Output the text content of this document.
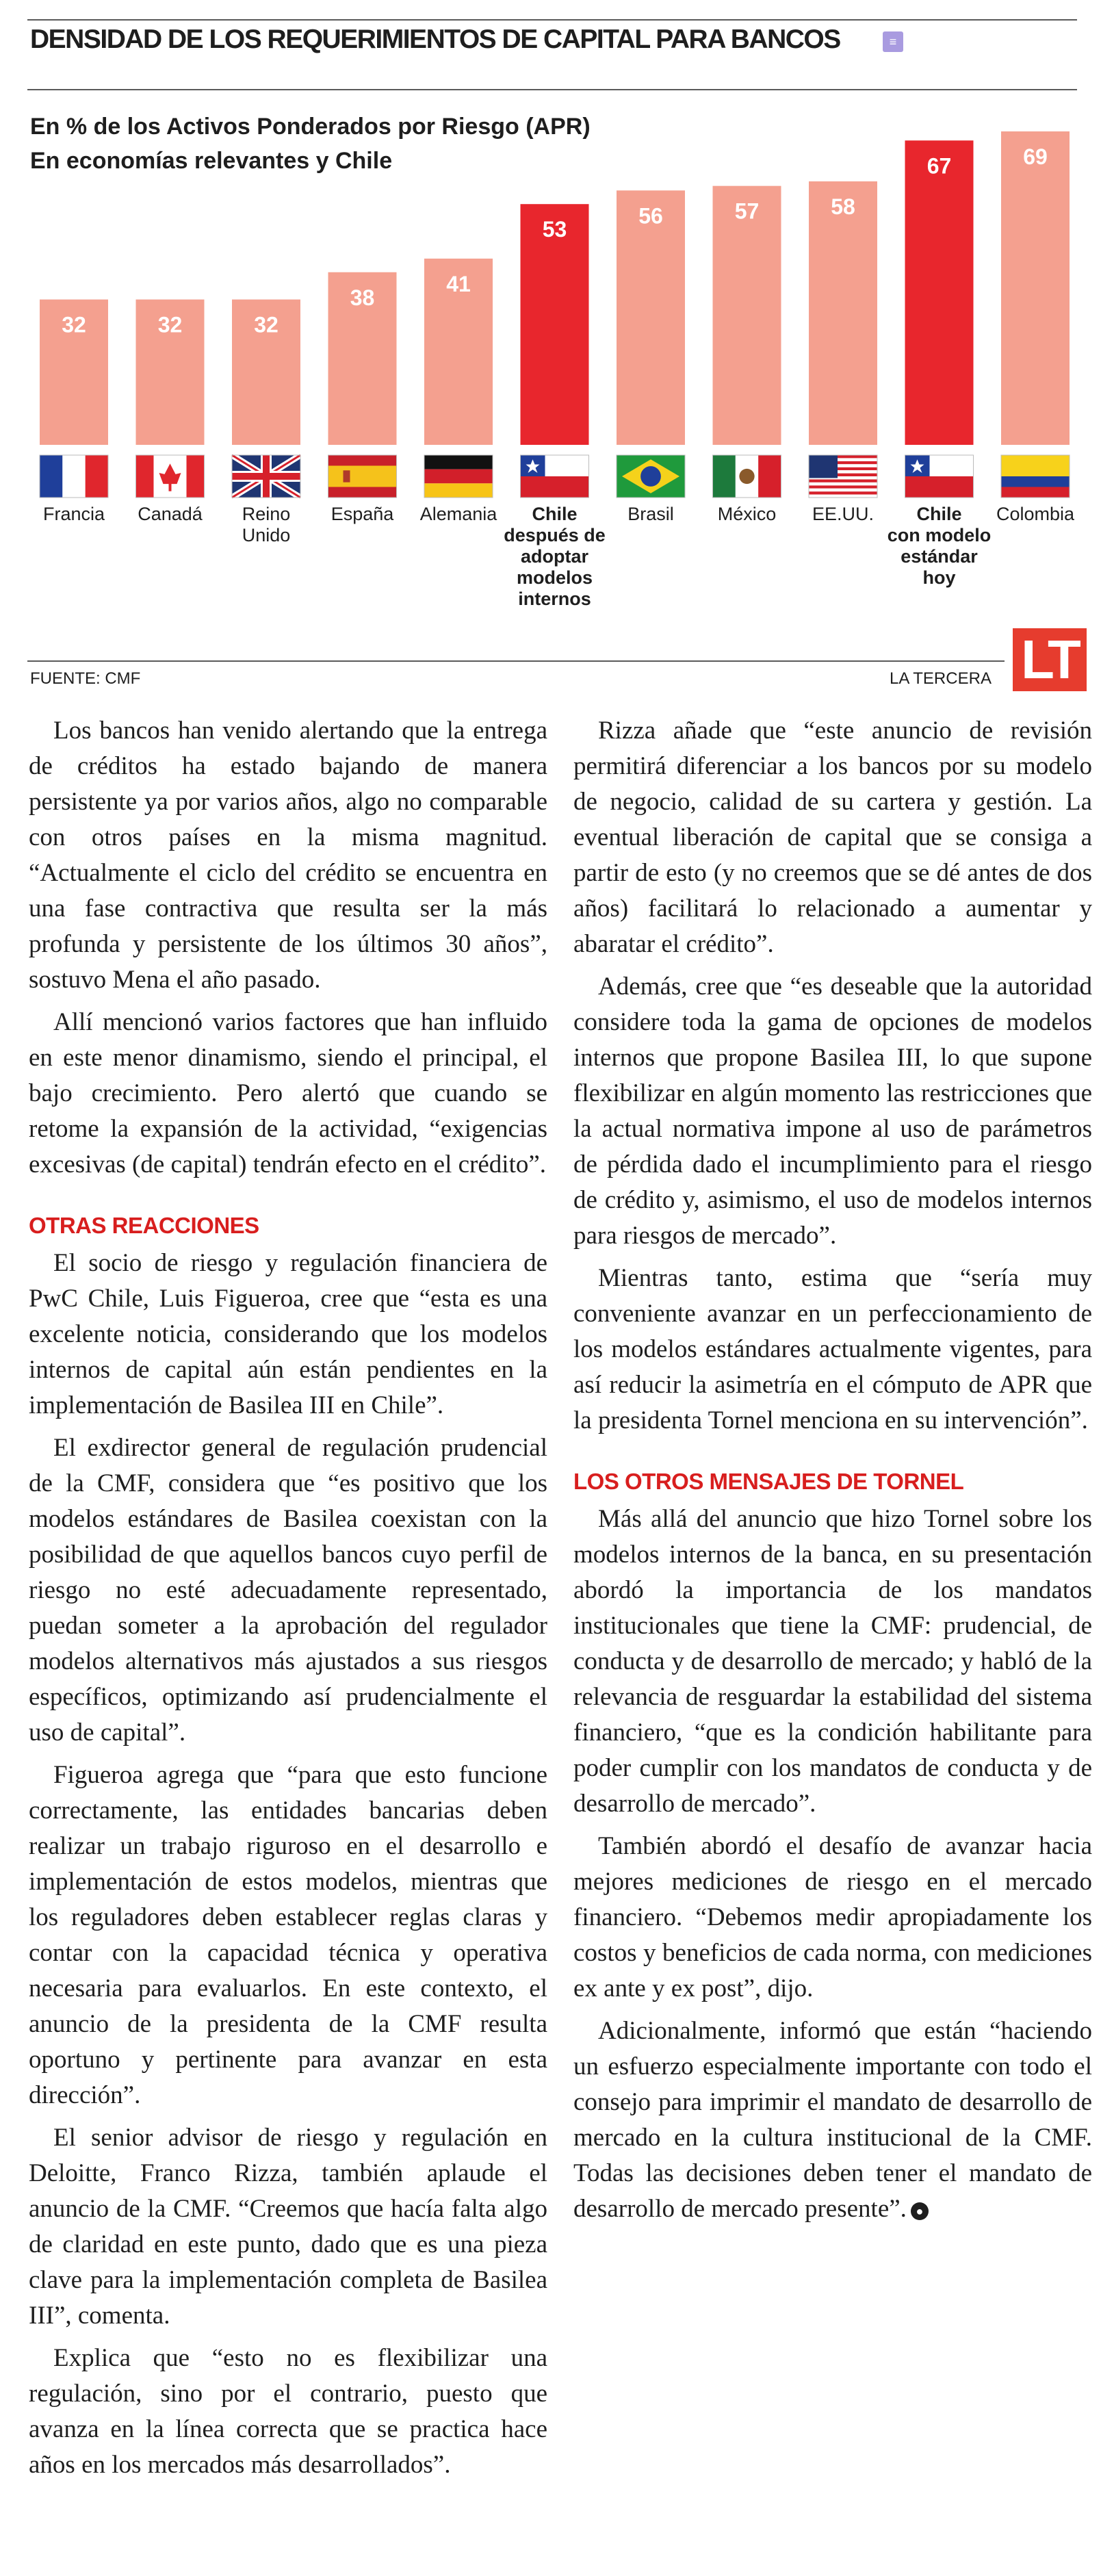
DENSIDAD DE LOS REQUERIMIENTOS DE CAPITAL PARA BANCOS	≡
En % de los Activos Ponderados por Riesgo (APR)
En economías relevantes y Chile
32
Francia
32
Canadá
32
Reino
Unido
38
España
41
Alemania
53
Chile
después de
adoptar
modelos
internos
56
Brasil
57
México
58
EE.UU.
67
Chile
con modelo
estándar
hoy
69
Colombia
FUENTE: CMF	LA TERCERA LT

Los bancos han venido alertando que la entrega de créditos ha estado bajando de manera persistente ya por varios años, algo no comparable con otros países en la misma magnitud. “Actualmente el ciclo del crédito se encuentra en una fase contractiva que resulta ser la más profunda y persistente de los últimos 30 años”, sostuvo Mena el año pasado.

Allí mencionó varios factores que han influido en este menor dinamismo, siendo el principal, el bajo crecimiento. Pero alertó que cuando se retome la expansión de la actividad, “exigencias excesivas (de capital) tendrán efecto en el crédito”.

OTRAS REACCIONES

El socio de riesgo y regulación financiera de PwC Chile, Luis Figueroa, cree que “esta es una excelente noticia, considerando que los modelos internos de capital aún están pendientes en la implementación de Basilea III en Chile”.

El exdirector general de regulación prudencial de la CMF, considera que “es positivo que los modelos estándares de Basilea coexistan con la posibilidad de que aquellos bancos cuyo perfil de riesgo no esté adecuadamente representado, puedan someter a la aprobación del regulador modelos alternativos más ajustados a sus riesgos específicos, optimizando así prudencialmente el uso de capital”.

Figueroa agrega que “para que esto funcione correctamente, las entidades bancarias deben realizar un trabajo riguroso en el desarrollo e implementación de estos modelos, mientras que los reguladores deben establecer reglas claras y contar con la capacidad técnica y operativa necesaria para evaluarlos. En este contexto, el anuncio de la presidenta de la CMF resulta oportuno y pertinente para avanzar en esta dirección”.

El senior advisor de riesgo y regulación en Deloitte, Franco Rizza, también aplaude el anuncio de la CMF. “Creemos que hacía falta algo de claridad en este punto, dado que es una pieza clave para la implementación completa de Basilea III”, comenta.

Explica que “esto no es flexibilizar una regulación, sino por el contrario, puesto que avanza en la línea correcta que se practica hace años en los mercados más desarrollados”.

Rizza añade que “este anuncio de revisión permitirá diferenciar a los bancos por su modelo de negocio, calidad de su cartera y gestión. La eventual liberación de capital que se consiga a partir de esto (y no creemos que se dé antes de dos años) facilitará lo relacionado a aumentar y abaratar el crédito”.

Además, cree que “es deseable que la autoridad considere toda la gama de opciones de modelos internos que propone Basilea III, lo que supone flexibilizar en algún momento las restricciones que la actual normativa impone al uso de parámetros de pérdida dado el incumplimiento para el riesgo de crédito y, asimismo, el uso de modelos internos para riesgos de mercado”.

Mientras tanto, estima que “sería muy conveniente avanzar en un perfeccionamiento de los modelos estándares actualmente vigentes, para así reducir la asimetría en el cómputo de APR que la presidenta Tornel menciona en su intervención”.

LOS OTROS MENSAJES DE TORNEL

Más allá del anuncio que hizo Tornel sobre los modelos internos de la banca, en su presentación abordó la importancia de los mandatos institucionales que tiene la CMF: prudencial, de conducta y de desarrollo de mercado; y habló de la relevancia de resguardar la estabilidad del sistema financiero, “que es la condición habilitante para poder cumplir con los mandatos de conducta y de desarrollo de mercado”.

También abordó el desafío de avanzar hacia mejores mediciones de riesgo en el mercado financiero. “Debemos medir apropiadamente los costos y beneficios de cada norma, con mediciones ex ante y ex post”, dijo.

Adicionalmente, informó que están “haciendo un esfuerzo especialmente importante con todo el consejo para imprimir el mandato de desarrollo de mercado en la cultura institucional de la CMF. Todas las decisiones deben tener el mandato de desarrollo de mercado presente”. ●
